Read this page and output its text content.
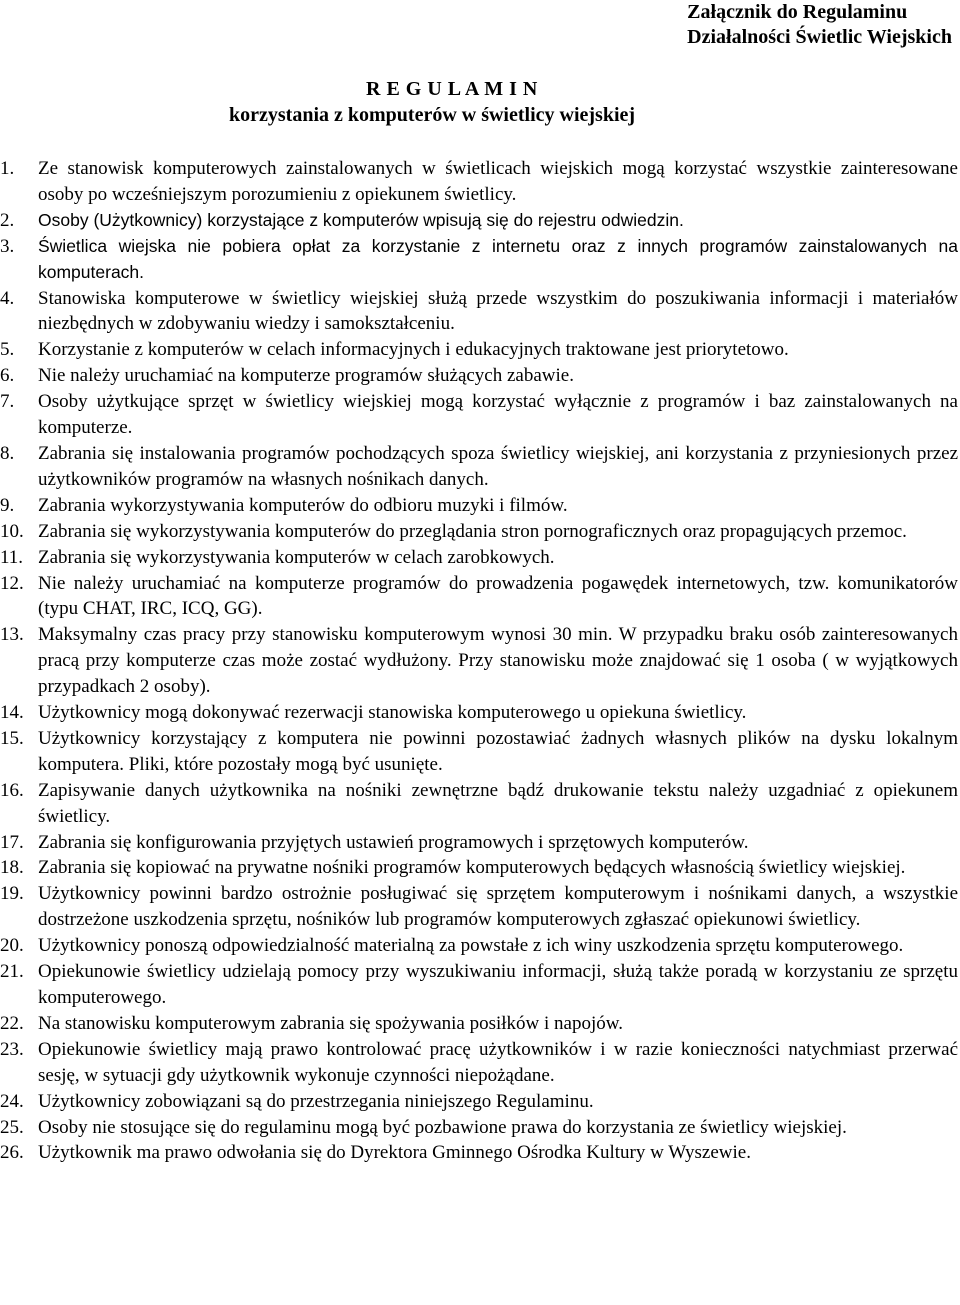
Załącznik do Regulaminu
Działalności Świetlic Wiejskich
R E G U L A M I N
korzystania z komputerów w świetlicy wiejskiej
1.	Ze stanowisk komputerowych zainstalowanych w świetlicach wiejskich mogą korzystać wszystkie zainteresowane osoby po wcześniejszym porozumieniu z opiekunem świetlicy.
2.	Osoby (Użytkownicy) korzystające z komputerów wpisują się do rejestru odwiedzin.
3.	Świetlica wiejska nie pobiera opłat za korzystanie z internetu oraz z innych programów zainstalowanych na komputerach.
4.	Stanowiska komputerowe w świetlicy wiejskiej służą przede wszystkim do poszukiwania informacji i materiałów niezbędnych w zdobywaniu wiedzy i samokształceniu.
5.	Korzystanie z komputerów w celach informacyjnych i edukacyjnych traktowane jest priorytetowo.
6.	Nie należy uruchamiać na komputerze programów służących zabawie.
7.	Osoby użytkujące sprzęt w świetlicy wiejskiej mogą korzystać wyłącznie z programów i baz zainstalowanych na komputerze.
8.	Zabrania się instalowania programów pochodzących spoza świetlicy wiejskiej, ani korzystania z przyniesionych przez użytkowników programów na własnych nośnikach danych.
9.	Zabrania wykorzystywania komputerów do odbioru muzyki i filmów.
10. Zabrania się wykorzystywania komputerów do przeglądania stron pornograficznych oraz propagujących przemoc.
11. Zabrania się wykorzystywania komputerów w celach zarobkowych.
12. Nie należy uruchamiać na komputerze programów do prowadzenia pogawędek internetowych, tzw. komunikatorów (typu CHAT, IRC, ICQ, GG).
13. Maksymalny czas pracy przy stanowisku komputerowym wynosi 30 min. W przypadku braku osób zainteresowanych pracą przy komputerze czas może zostać wydłużony. Przy stanowisku może znajdować się 1 osoba ( w wyjątkowych przypadkach 2 osoby).
14. Użytkownicy mogą dokonywać rezerwacji stanowiska komputerowego u opiekuna świetlicy.
15. Użytkownicy korzystający z komputera nie powinni pozostawiać żadnych własnych plików na dysku lokalnym komputera. Pliki, które pozostały mogą być usunięte.
16. Zapisywanie danych użytkownika na nośniki zewnętrzne bądź drukowanie tekstu należy uzgadniać z opiekunem świetlicy.
17. Zabrania się konfigurowania przyjętych ustawień programowych i sprzętowych komputerów.
18. Zabrania się kopiować na prywatne nośniki programów komputerowych będących własnością świetlicy wiejskiej.
19. Użytkownicy powinni bardzo ostrożnie posługiwać się sprzętem komputerowym i nośnikami danych, a wszystkie dostrzeżone uszkodzenia sprzętu, nośników lub programów komputerowych zgłaszać opiekunowi świetlicy.
20. Użytkownicy ponoszą odpowiedzialność materialną za powstałe z ich winy uszkodzenia sprzętu komputerowego.
21. Opiekunowie świetlicy udzielają pomocy przy wyszukiwaniu informacji, służą także poradą w korzystaniu ze sprzętu komputerowego.
22. Na stanowisku komputerowym zabrania się spożywania posiłków i napojów.
23. Opiekunowie świetlicy mają prawo kontrolować pracę użytkowników i w razie konieczności natychmiast przerwać sesję, w sytuacji gdy użytkownik wykonuje czynności niepożądane.
24. Użytkownicy zobowiązani są do przestrzegania niniejszego Regulaminu.
25. Osoby nie stosujące się do regulaminu mogą być pozbawione prawa do korzystania ze świetlicy wiejskiej.
26. Użytkownik ma prawo odwołania się do Dyrektora Gminnego Ośrodka Kultury w Wyszewie.
